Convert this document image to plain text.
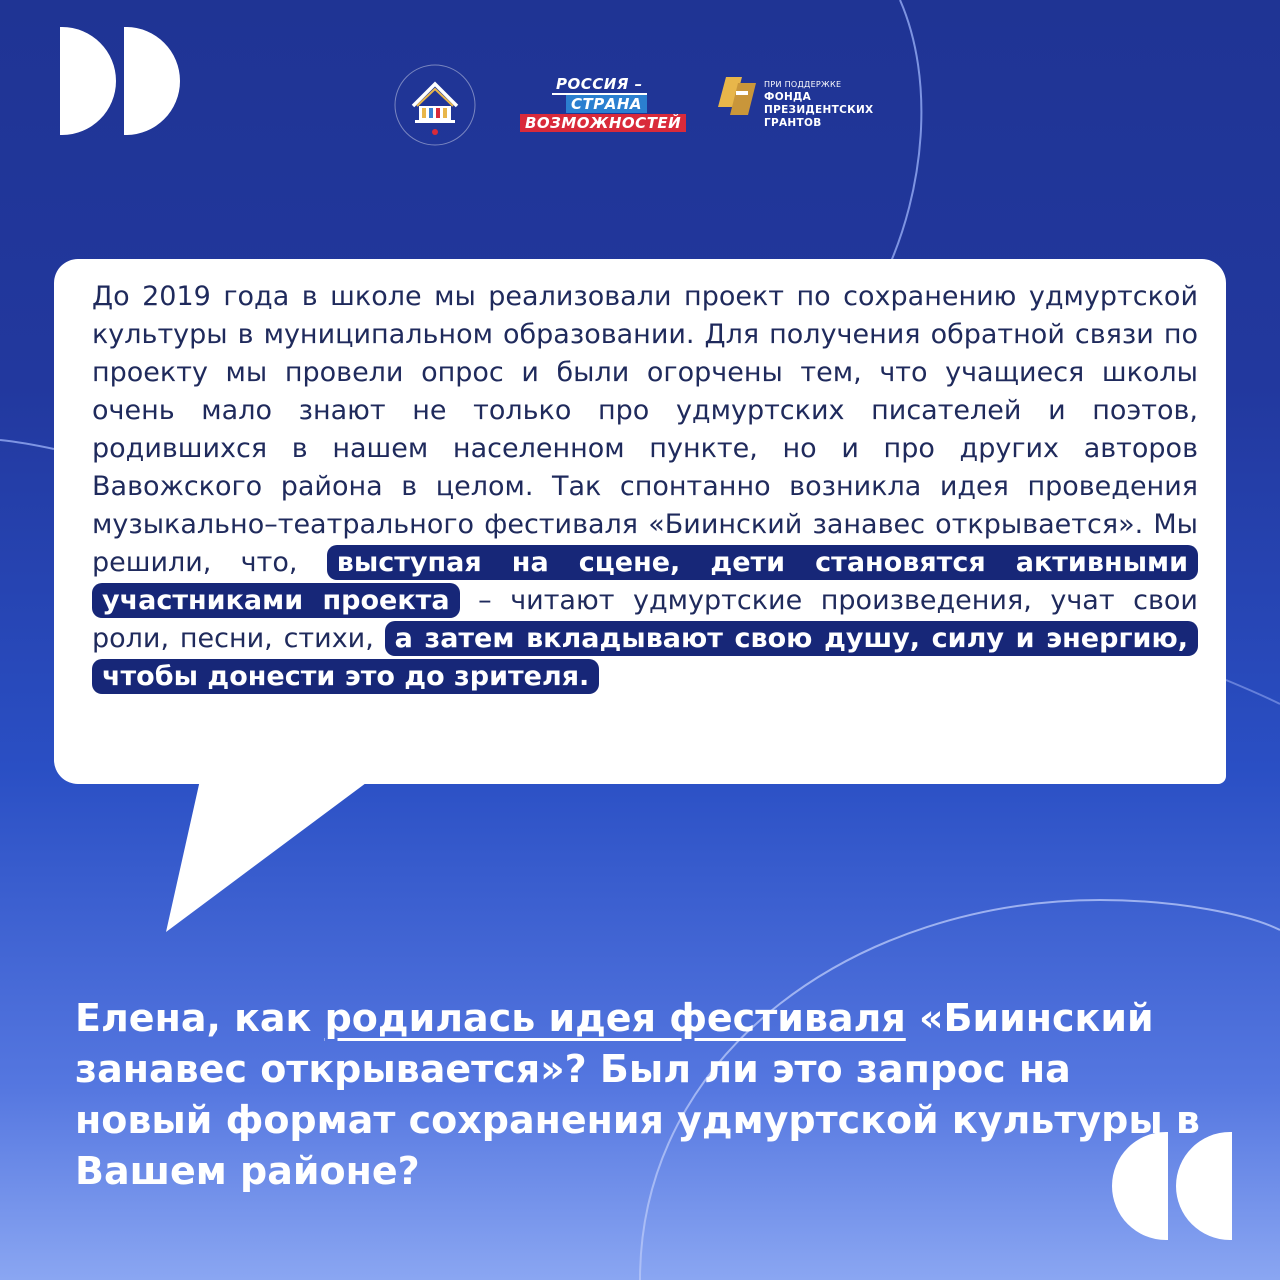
РОССИЯ –
СТРАНА
ВОЗМОЖНОСТЕЙ
ПРИ ПОДДЕРЖКЕ
ФОНДА
ПРЕЗИДЕНТСКИХ
ГРАНТОВ

До 2019 года в школе мы реализовали проект по сохранению удмуртской культуры в муниципальном образовании. Для получения обратной связи по проекту мы провели опрос и были огорчены тем, что учащиеся школы очень мало знают не только про удмуртских писателей и поэтов, родившихся в нашем населенном пункте, но и про других авторов Вавожского района в целом. Так спонтанно возникла идея проведения музыкально–театрального фестиваля «Биинский занавес открывается». Мы решили, что, выступая на сцене, дети становятся активными участниками проекта – читают удмуртские произведения, учат свои роли, песни, стихи, а затем вкладывают свою душу, силу и энергию, чтобы донести это до зрителя.

Елена, как родилась идея фестиваля «Биинский занавес открывается»? Был ли это запрос на новый формат сохранения удмуртской культуры в Вашем районе?
